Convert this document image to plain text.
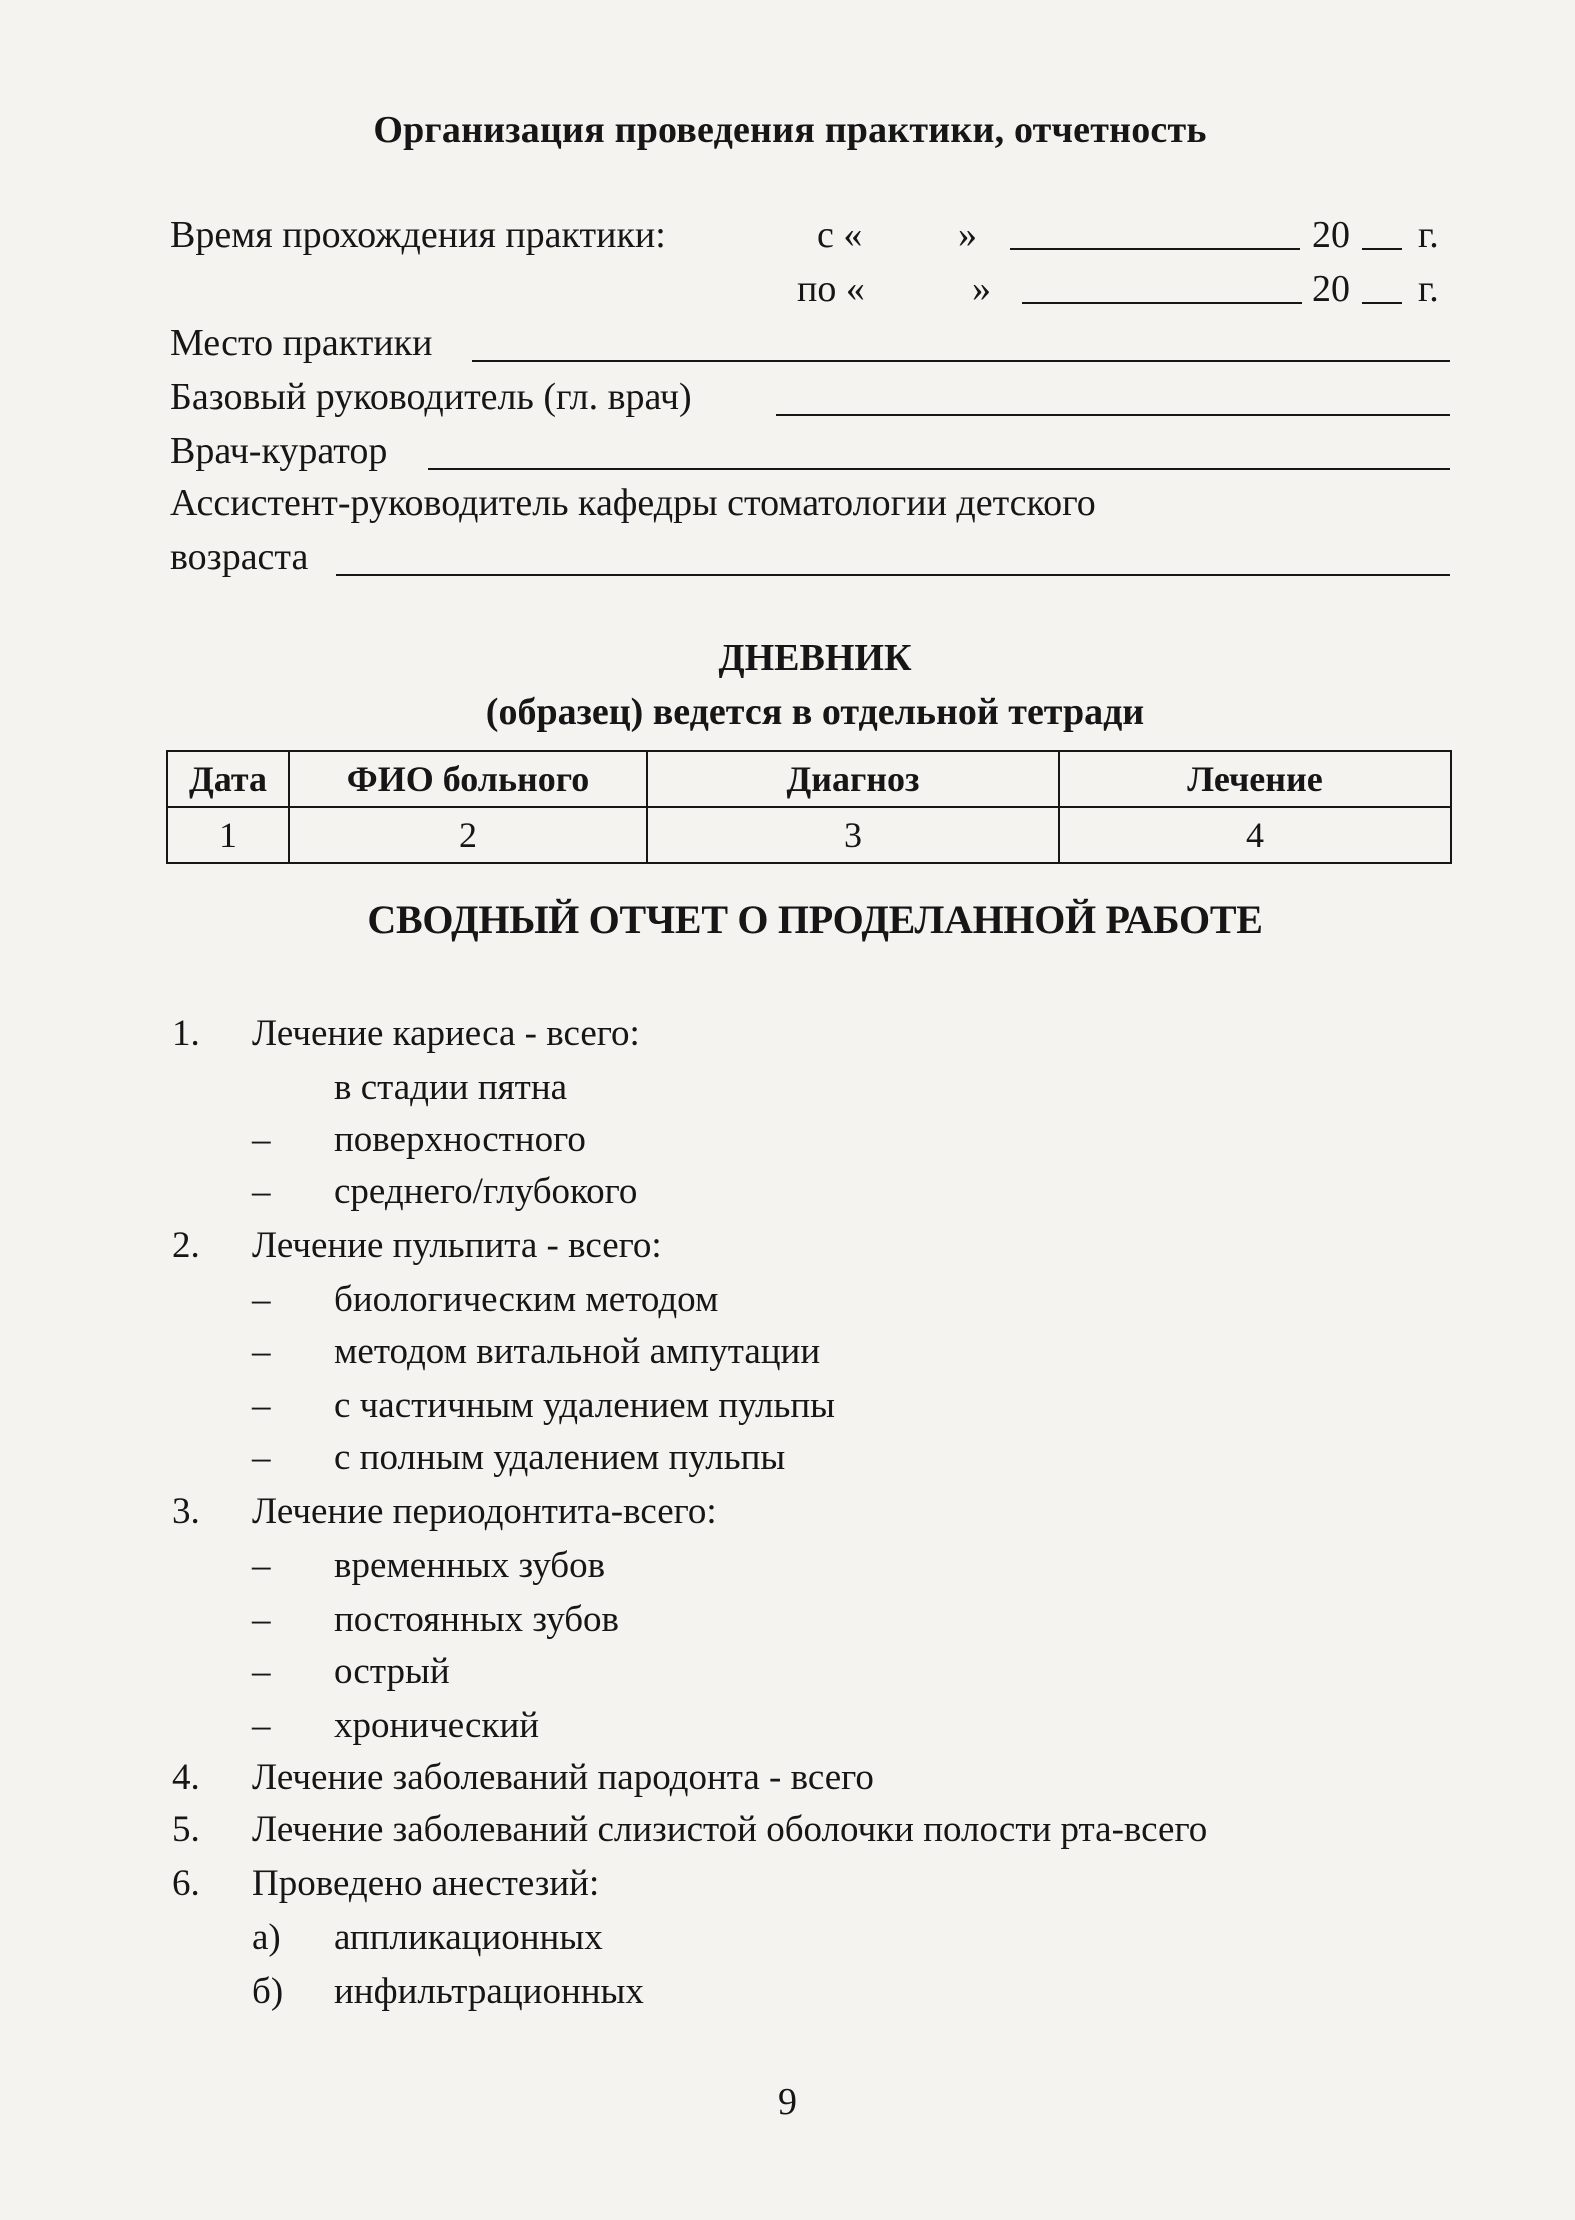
Организация проведения практики, отчетность
Время прохождения практики:	с «	»	20 г.
по «	»	20 г.
Место практики
Базовый руководитель (гл. врач)
Врач-куратор
Ассистент-руководитель кафедры стоматологии детского
возраста
ДНЕВНИК
(образец) ведется в отдельной тетради
Дата	ФИО больного	Диагноз	Лечение
1	2	3	4
СВОДНЫЙ ОТЧЕТ О ПРОДЕЛАННОЙ РАБОТЕ
1. Лечение кариеса - всего:
в стадии пятна
– поверхностного
– среднего/глубокого
2. Лечение пульпита - всего:
– биологическим методом
– методом витальной ампутации
– с частичным удалением пульпы
– с полным удалением пульпы
3. Лечение периодонтита-всего:
– временных зубов
– постоянных зубов
– острый
– хронический
4. Лечение заболеваний пародонта - всего
5. Лечение заболеваний слизистой оболочки полости рта-всего
6. Проведено анестезий:
а) аппликационных
б) инфильтрационных
9
